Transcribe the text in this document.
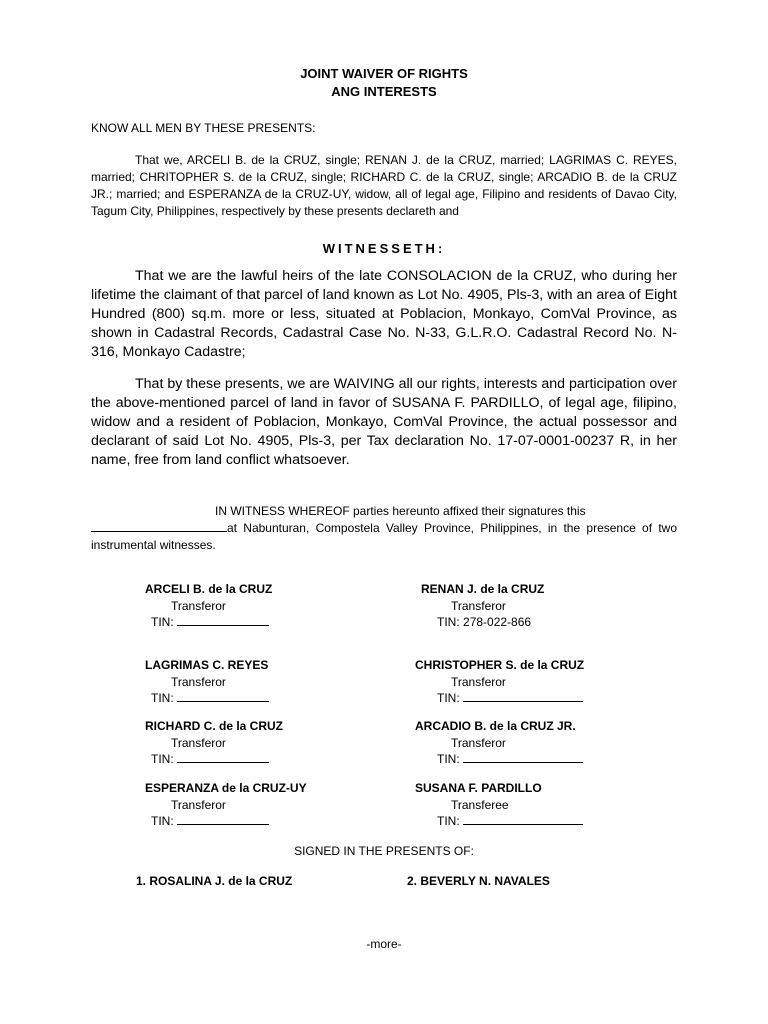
JOINT WAIVER OF RIGHTS
ANG INTERESTS
KNOW ALL MEN BY THESE PRESENTS:
That we, ARCELI B. de la CRUZ, single; RENAN J. de la CRUZ, married; LAGRIMAS C. REYES, married; CHRITOPHER S. de la CRUZ, single; RICHARD C. de la CRUZ, single; ARCADIO B. de la CRUZ JR.; married; and ESPERANZA de la CRUZ-UY, widow, all of legal age, Filipino and residents of Davao City, Tagum City, Philippines, respectively by these presents declareth and
WITNESSETH:
That we are the lawful heirs of the late CONSOLACION de la CRUZ, who during her lifetime the claimant of that parcel of land known as Lot No. 4905, Pls-3, with an area of Eight Hundred (800) sq.m. more or less, situated at Poblacion, Monkayo, ComVal Province, as shown in Cadastral Records, Cadastral Case No. N-33, G.L.R.O. Cadastral Record No. N-316, Monkayo Cadastre;
That by these presents, we are WAIVING all our rights, interests and participation over the above-mentioned parcel of land in favor of SUSANA F. PARDILLO, of legal age, filipino, widow and a resident of Poblacion, Monkayo, ComVal Province, the actual possessor and declarant of said Lot No. 4905, Pls-3, per Tax declaration No. 17-07-0001-00237 R, in her name, free from land conflict whatsoever.
IN WITNESS WHEREOF parties hereunto affixed their signatures this
at Nabunturan, Compostela Valley Province, Philippines, in the presence of two instrumental witnesses.
ARCELI B. de la CRUZ
Transferor
TIN:
RENAN J. de la CRUZ
Transferor
TIN: 278-022-866
LAGRIMAS C. REYES
Transferor
TIN:
CHRISTOPHER S. de la CRUZ
Transferor
TIN:
RICHARD C. de la CRUZ
Transferor
TIN:
ARCADIO B. de la CRUZ JR.
Transferor
TIN:
ESPERANZA de la CRUZ-UY
Transferor
TIN:
SUSANA F. PARDILLO
Transferee
TIN:
SIGNED IN THE PRESENTS OF:
1. ROSALINA J. de la CRUZ	2. BEVERLY N. NAVALES
-more-
